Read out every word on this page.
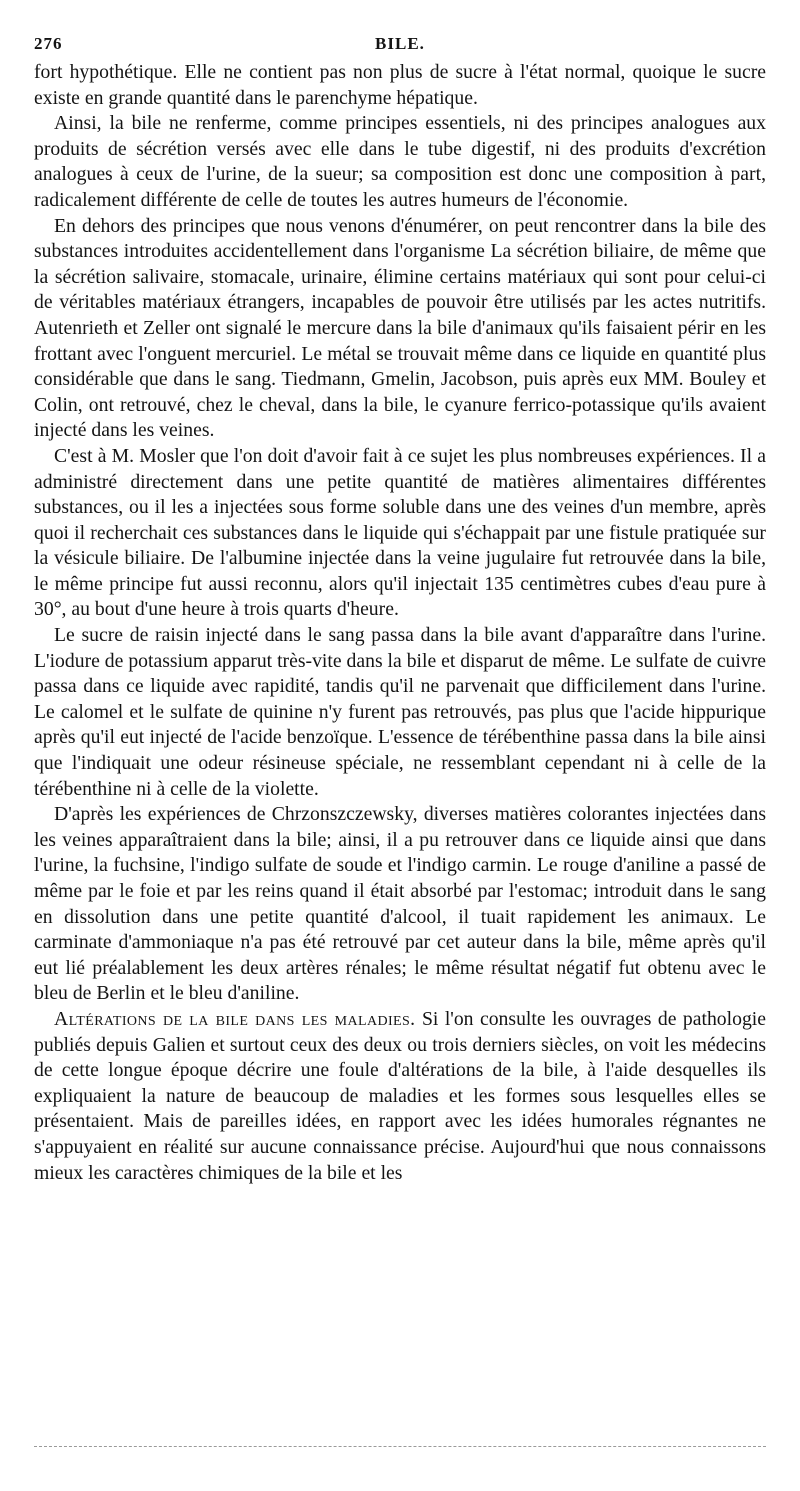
276	BILE.

fort hypothétique. Elle ne contient pas non plus de sucre à l'état normal, quoique le sucre existe en grande quantité dans le parenchyme hépatique.

Ainsi, la bile ne renferme, comme principes essentiels, ni des principes analogues aux produits de sécrétion versés avec elle dans le tube digestif, ni des produits d'excrétion analogues à ceux de l'urine, de la sueur; sa composition est donc une composition à part, radicalement différente de celle de toutes les autres humeurs de l'économie.

En dehors des principes que nous venons d'énumérer, on peut rencontrer dans la bile des substances introduites accidentellement dans l'organisme La sécrétion biliaire, de même que la sécrétion salivaire, stomacale, urinaire, élimine certains matériaux qui sont pour celui-ci de véritables matériaux étrangers, incapables de pouvoir être utilisés par les actes nutritifs. Autenrieth et Zeller ont signalé le mercure dans la bile d'animaux qu'ils faisaient périr en les frottant avec l'onguent mercuriel. Le métal se trouvait même dans ce liquide en quantité plus considérable que dans le sang. Tiedmann, Gmelin, Jacobson, puis après eux MM. Bouley et Colin, ont retrouvé, chez le cheval, dans la bile, le cyanure ferrico-potassique qu'ils avaient injecté dans les veines.

C'est à M. Mosler que l'on doit d'avoir fait à ce sujet les plus nombreuses expériences. Il a administré directement dans une petite quantité de matières alimentaires différentes substances, ou il les a injectées sous forme soluble dans une des veines d'un membre, après quoi il recherchait ces substances dans le liquide qui s'échappait par une fistule pratiquée sur la vésicule biliaire. De l'albumine injectée dans la veine jugulaire fut retrouvée dans la bile, le même principe fut aussi reconnu, alors qu'il injectait 135 centimètres cubes d'eau pure à 30°, au bout d'une heure à trois quarts d'heure.

Le sucre de raisin injecté dans le sang passa dans la bile avant d'apparaître dans l'urine. L'iodure de potassium apparut très-vite dans la bile et disparut de même. Le sulfate de cuivre passa dans ce liquide avec rapidité, tandis qu'il ne parvenait que difficilement dans l'urine. Le calomel et le sulfate de quinine n'y furent pas retrouvés, pas plus que l'acide hippurique après qu'il eut injecté de l'acide benzoïque. L'essence de térébenthine passa dans la bile ainsi que l'indiquait une odeur résineuse spéciale, ne ressemblant cependant ni à celle de la térébenthine ni à celle de la violette.

D'après les expériences de Chrzonszczewsky, diverses matières colorantes injectées dans les veines apparaîtraient dans la bile; ainsi, il a pu retrouver dans ce liquide ainsi que dans l'urine, la fuchsine, l'indigo sulfate de soude et l'indigo carmin. Le rouge d'aniline a passé de même par le foie et par les reins quand il était absorbé par l'estomac; introduit dans le sang en dissolution dans une petite quantité d'alcool, il tuait rapidement les animaux. Le carminate d'ammoniaque n'a pas été retrouvé par cet auteur dans la bile, même après qu'il eut lié préalablement les deux artères rénales; le même résultat négatif fut obtenu avec le bleu de Berlin et le bleu d'aniline.

Altérations de la bile dans les maladies. Si l'on consulte les ouvrages de pathologie publiés depuis Galien et surtout ceux des deux ou trois derniers siècles, on voit les médecins de cette longue époque décrire une foule d'altérations de la bile, à l'aide desquelles ils expliquaient la nature de beaucoup de maladies et les formes sous lesquelles elles se présentaient. Mais de pareilles idées, en rapport avec les idées humorales régnantes ne s'appuyaient en réalité sur aucune connaissance précise. Aujourd'hui que nous connaissons mieux les caractères chimiques de la bile et les
